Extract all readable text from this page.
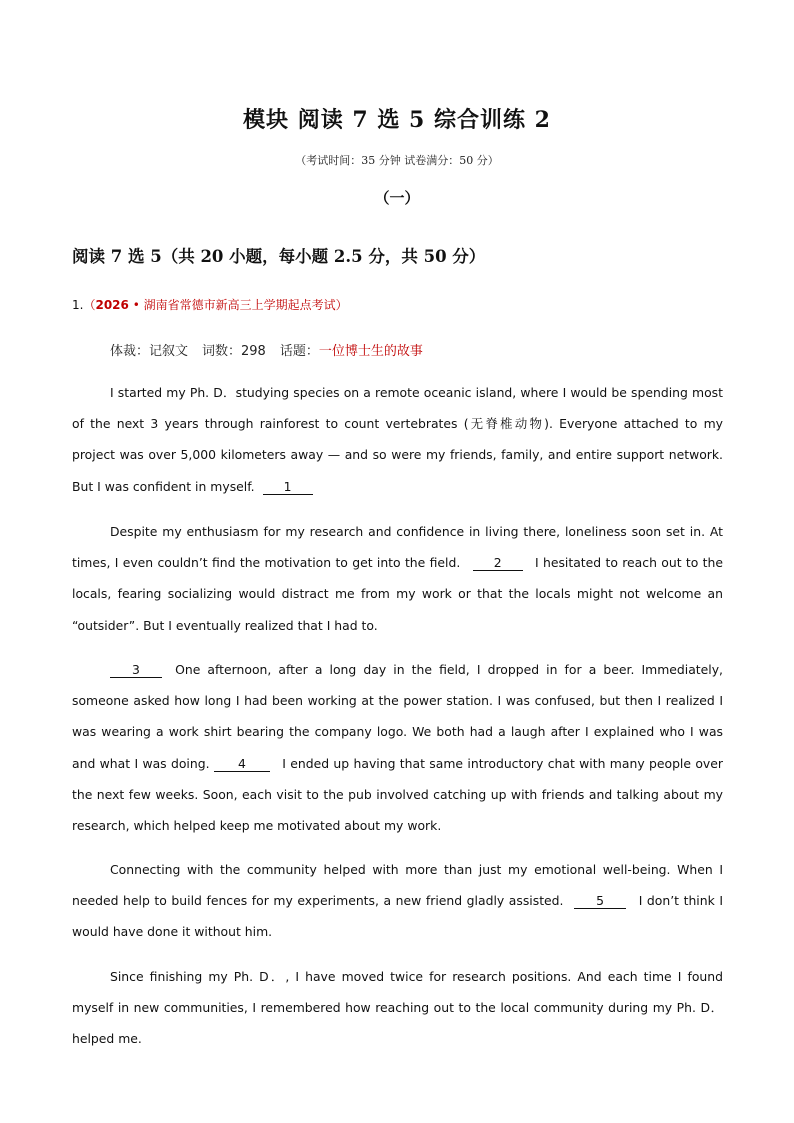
模块 阅读 7 选 5 综合训练 2
（考试时间：35 分钟 试卷满分：50 分）
（一）
阅读 7 选 5（共 20 小题，每小题 2.5 分，共 50 分）
1.（2026 • 湖南省常德市新高三上学期起点考试）
体裁：记叙文 词数：298 话题：一位博士生的故事
I started my Ph. D．studying species on a remote oceanic island, where I would be spending most of the next 3 years through rainforest to count vertebrates (无脊椎动物). Everyone attached to my project was over 5,000 kilometers away — and so were my friends, family, and entire support network. But I was confident in myself. 1
Despite my enthusiasm for my research and confidence in living there, loneliness soon set in. At times, I even couldn’t find the motivation to get into the field.	2	I hesitated to reach out to the locals, fearing socializing would distract me from my work or that the locals might not welcome an “outsider”. But I eventually realized that I had to.
3	One afternoon, after a long day in the field, I dropped in for a beer. Immediately, someone asked how long I had been working at the power station. I was confused, but then I realized I was wearing a work shirt bearing the company logo. We both had a laugh after I explained who I was and what I was doing. 4	I ended up having that same introductory chat with many people over the next few weeks. Soon, each visit to the pub involved catching up with friends and talking about my research, which helped keep me motivated about my work.
Connecting with the community helped with more than just my emotional well-being. When I needed help to build fences for my experiments, a new friend gladly assisted.	5	I don’t think I would have done it without him.
Since finishing my Ph. D．, I have moved twice for research positions. And each time I found myself in new communities, I remembered how reaching out to the local community during my Ph. D．helped me.
